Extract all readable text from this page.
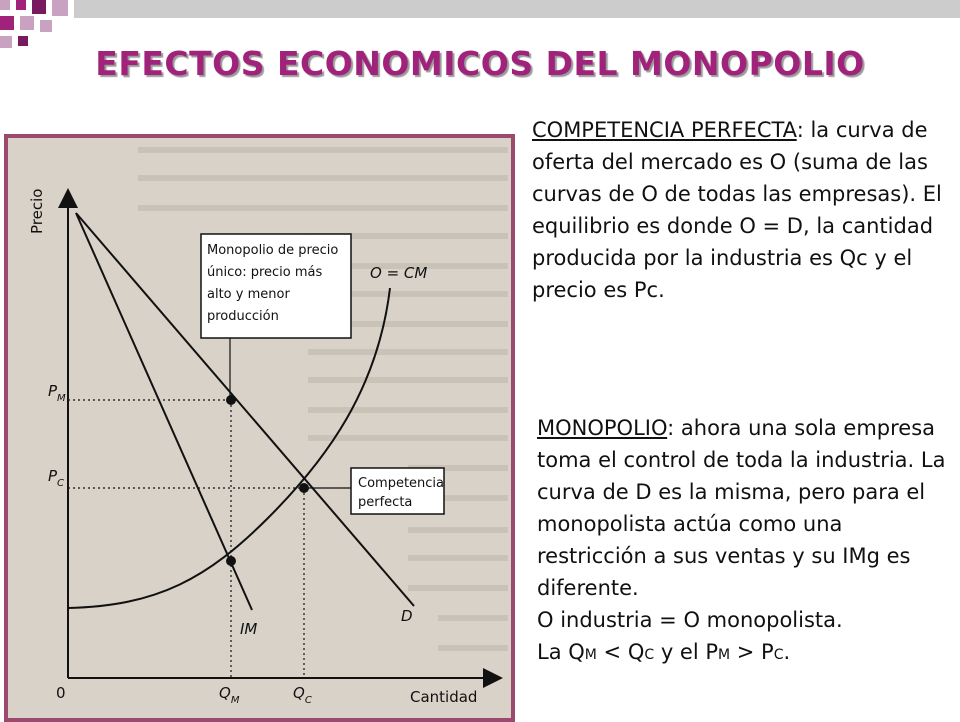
EFECTOS ECONOMICOS DEL MONOPOLIO
Monopolio de precio único: precio más alto y menor producción
Competencia perfecta
Precio
Cantidad
0
O = CM
D
IM
$P_M$
$P_C$
$Q_M$	$Q_C$
COMPETENCIA PERFECTA: la curva de oferta del mercado es O (suma de las curvas de O de todas las empresas). El equilibrio es donde O = D, la cantidad producida por la industria es Qc y el precio es Pc.
MONOPOLIO: ahora una sola empresa toma el control de toda la industria. La curva de D es la misma, pero para el monopolista actúa como una restricción a sus ventas y su IMg es diferente.
O industria = O monopolista.
La QM < QC y el PM > PC.
